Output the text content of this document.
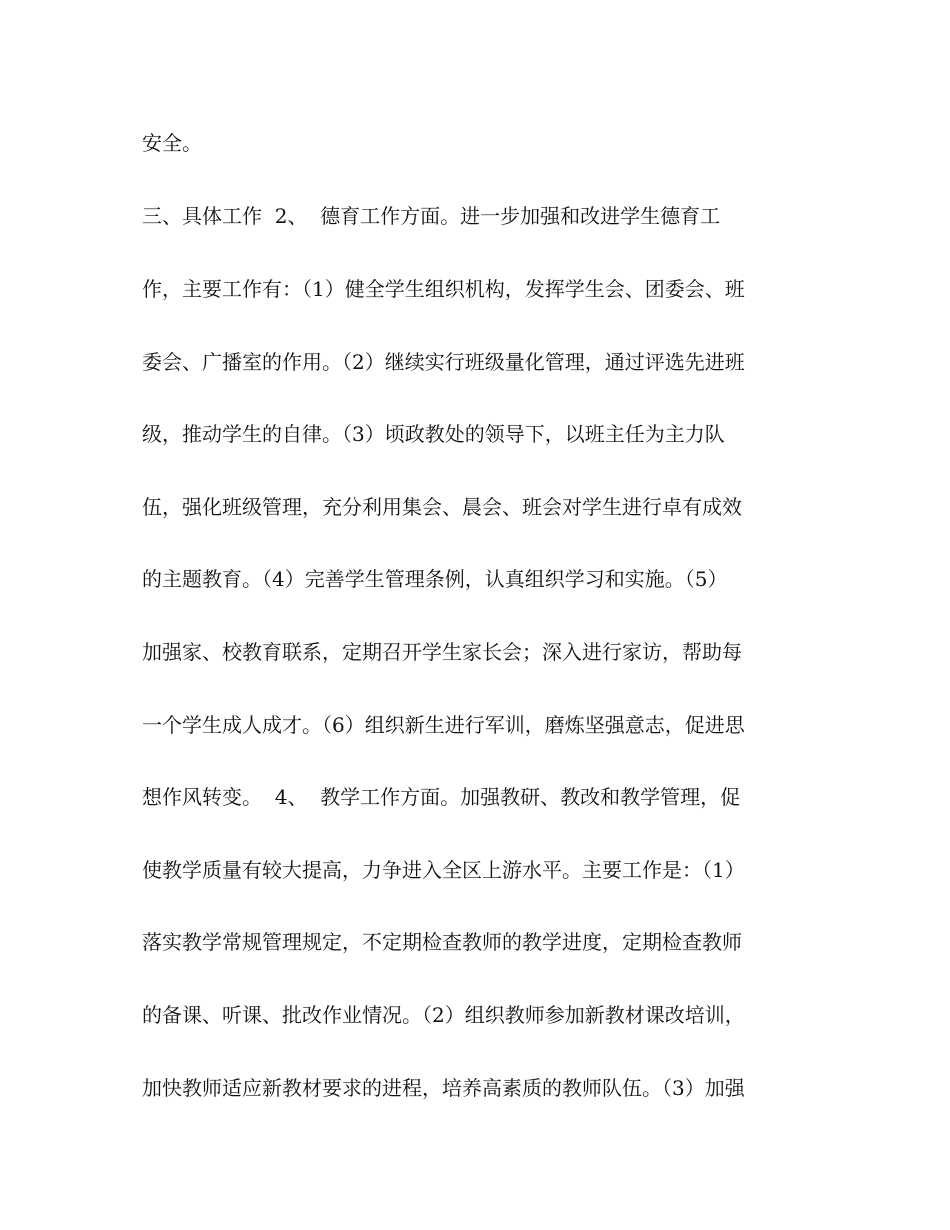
安全。
三、具体工作  2、  德育工作方面。进一步加强和改进学生德育工
作，主要工作有：（1）健全学生组织机构，发挥学生会、团委会、班
委会、广播室的作用。（2）继续实行班级量化管理，通过评选先进班
级，推动学生的自律。（3）顷政教处的领导下，以班主任为主力队
伍，强化班级管理，充分利用集会、晨会、班会对学生进行卓有成效
的主题教育。（4）完善学生管理条例，认真组织学习和实施。（5）
加强家、校教育联系，定期召开学生家长会；深入进行家访，帮助每
一个学生成人成才。（6）组织新生进行军训，磨炼坚强意志，促进思
想作风转变。  4、  教学工作方面。加强教研、教改和教学管理，促
使教学质量有较大提高，力争进入全区上游水平。主要工作是：（1）
落实教学常规管理规定，不定期检查教师的教学进度，定期检查教师
的备课、听课、批改作业情况。（2）组织教师参加新教材课改培训，
加快教师适应新教材要求的进程，培养高素质的教师队伍。（3）加强
